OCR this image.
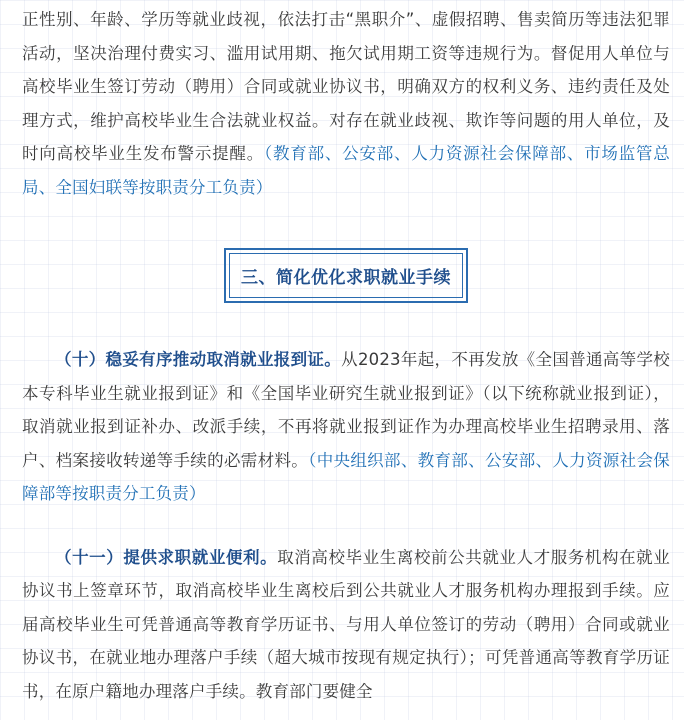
正性别、年龄、学历等就业歧视，依法打击“黑职介”、虚假招聘、售卖简历等违法犯罪活动，坚决治理付费实习、滥用试用期、拖欠试用期工资等违规行为。督促用人单位与高校毕业生签订劳动（聘用）合同或就业协议书，明确双方的权利义务、违约责任及处理方式，维护高校毕业生合法就业权益。对存在就业歧视、欺诈等问题的用人单位，及时向高校毕业生发布警示提醒。（教育部、公安部、人力资源社会保障部、市场监管总局、全国妇联等按职责分工负责）

三、简化优化求职就业手续

（十）稳妥有序推动取消就业报到证。从2023年起，不再发放《全国普通高等学校本专科毕业生就业报到证》和《全国毕业研究生就业报到证》（以下统称就业报到证），取消就业报到证补办、改派手续，不再将就业报到证作为办理高校毕业生招聘录用、落户、档案接收转递等手续的必需材料。（中央组织部、教育部、公安部、人力资源社会保障部等按职责分工负责）

（十一）提供求职就业便利。取消高校毕业生离校前公共就业人才服务机构在就业协议书上签章环节，取消高校毕业生离校后到公共就业人才服务机构办理报到手续。应届高校毕业生可凭普通高等教育学历证书、与用人单位签订的劳动（聘用）合同或就业协议书，在就业地办理落户手续（超大城市按现有规定执行）；可凭普通高等教育学历证书，在原户籍地办理落户手续。教育部门要健全
